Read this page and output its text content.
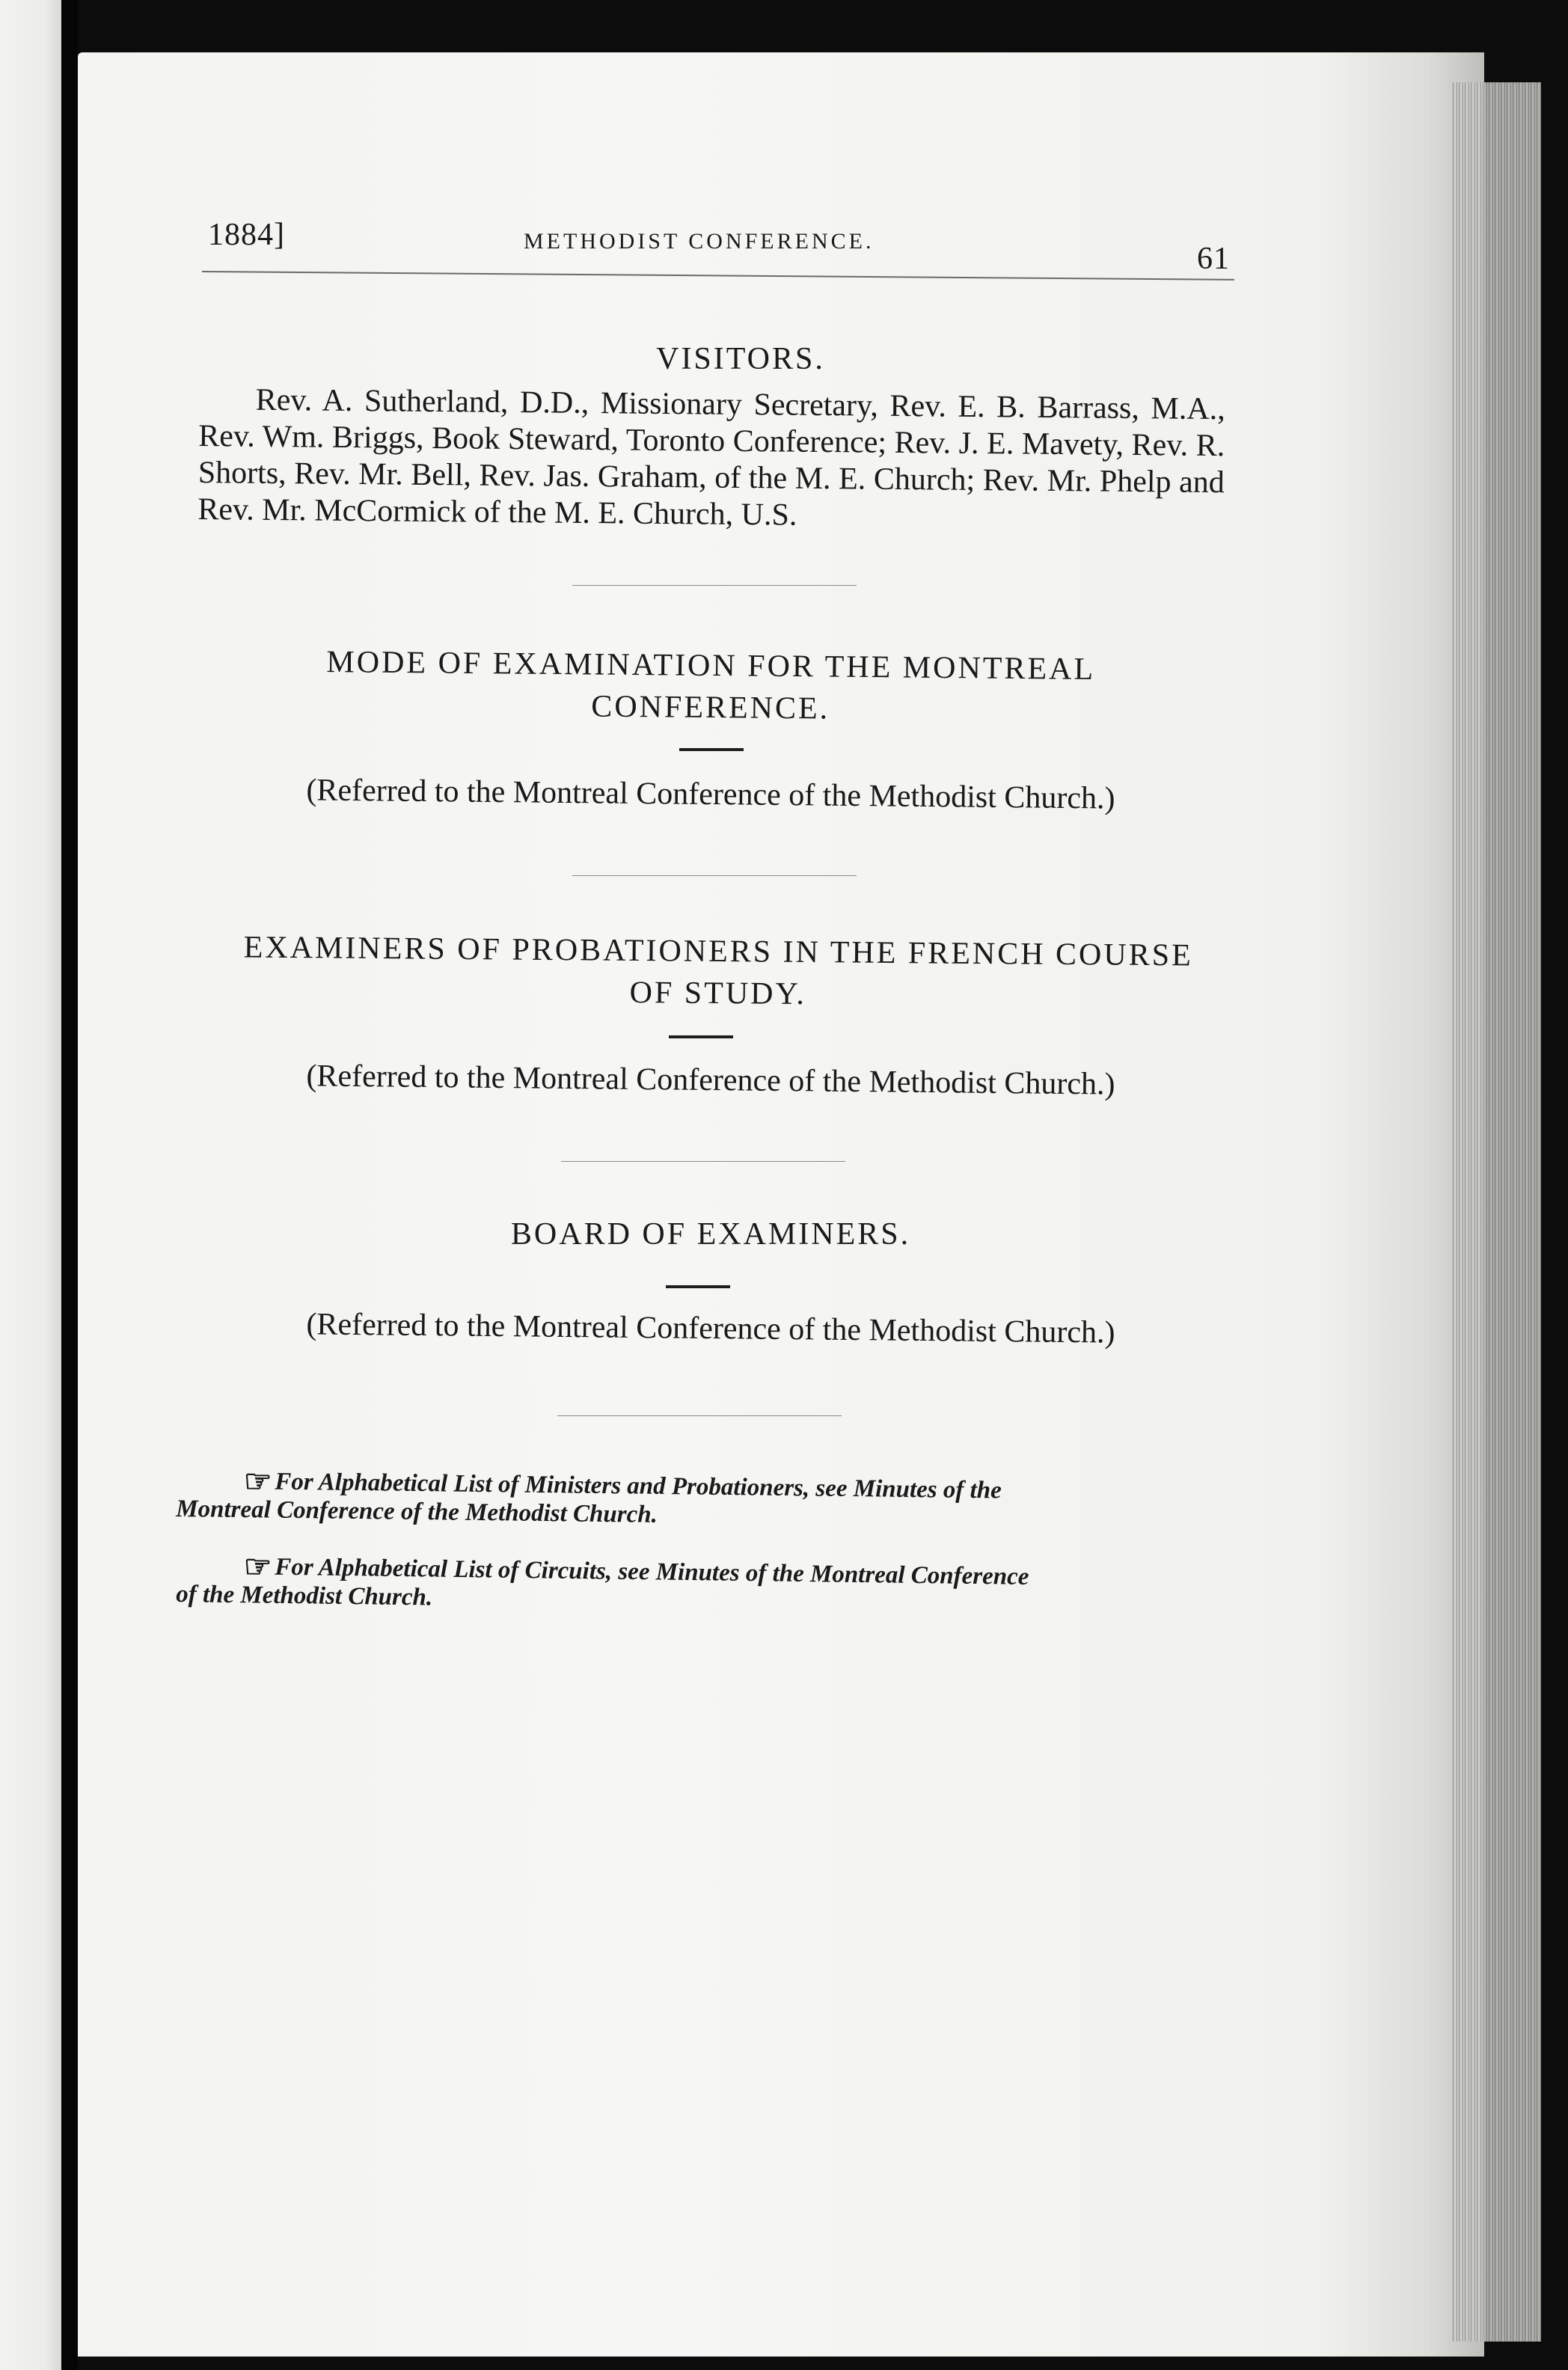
1884]	METHODIST CONFERENCE.
61
VISITORS.

Rev. A. Sutherland, D.D., Missionary Secretary, Rev. E. B. Barrass, M.A., Rev. Wm. Briggs, Book Steward, Toronto Conference; Rev. J. E. Mavety, Rev. R. Shorts, Rev. Mr. Bell, Rev. Jas. Graham, of the M. E. Church; Rev. Mr. Phelp and Rev. Mr. McCormick of the M. E. Church, U.S.

MODE OF EXAMINATION FOR THE MONTREAL
CONFERENCE.
(Referred to the Montreal Conference of the Methodist Church.)
EXAMINERS OF PROBATIONERS IN THE FRENCH COURSE
OF STUDY.
(Referred to the Montreal Conference of the Methodist Church.)
BOARD OF EXAMINERS.
(Referred to the Montreal Conference of the Methodist Church.)
☞ For Alphabetical List of Ministers and Probationers, see Minutes of the
Montreal Conference of the Methodist Church.
☞ For Alphabetical List of Circuits, see Minutes of the Montreal Conference
of the Methodist Church.
